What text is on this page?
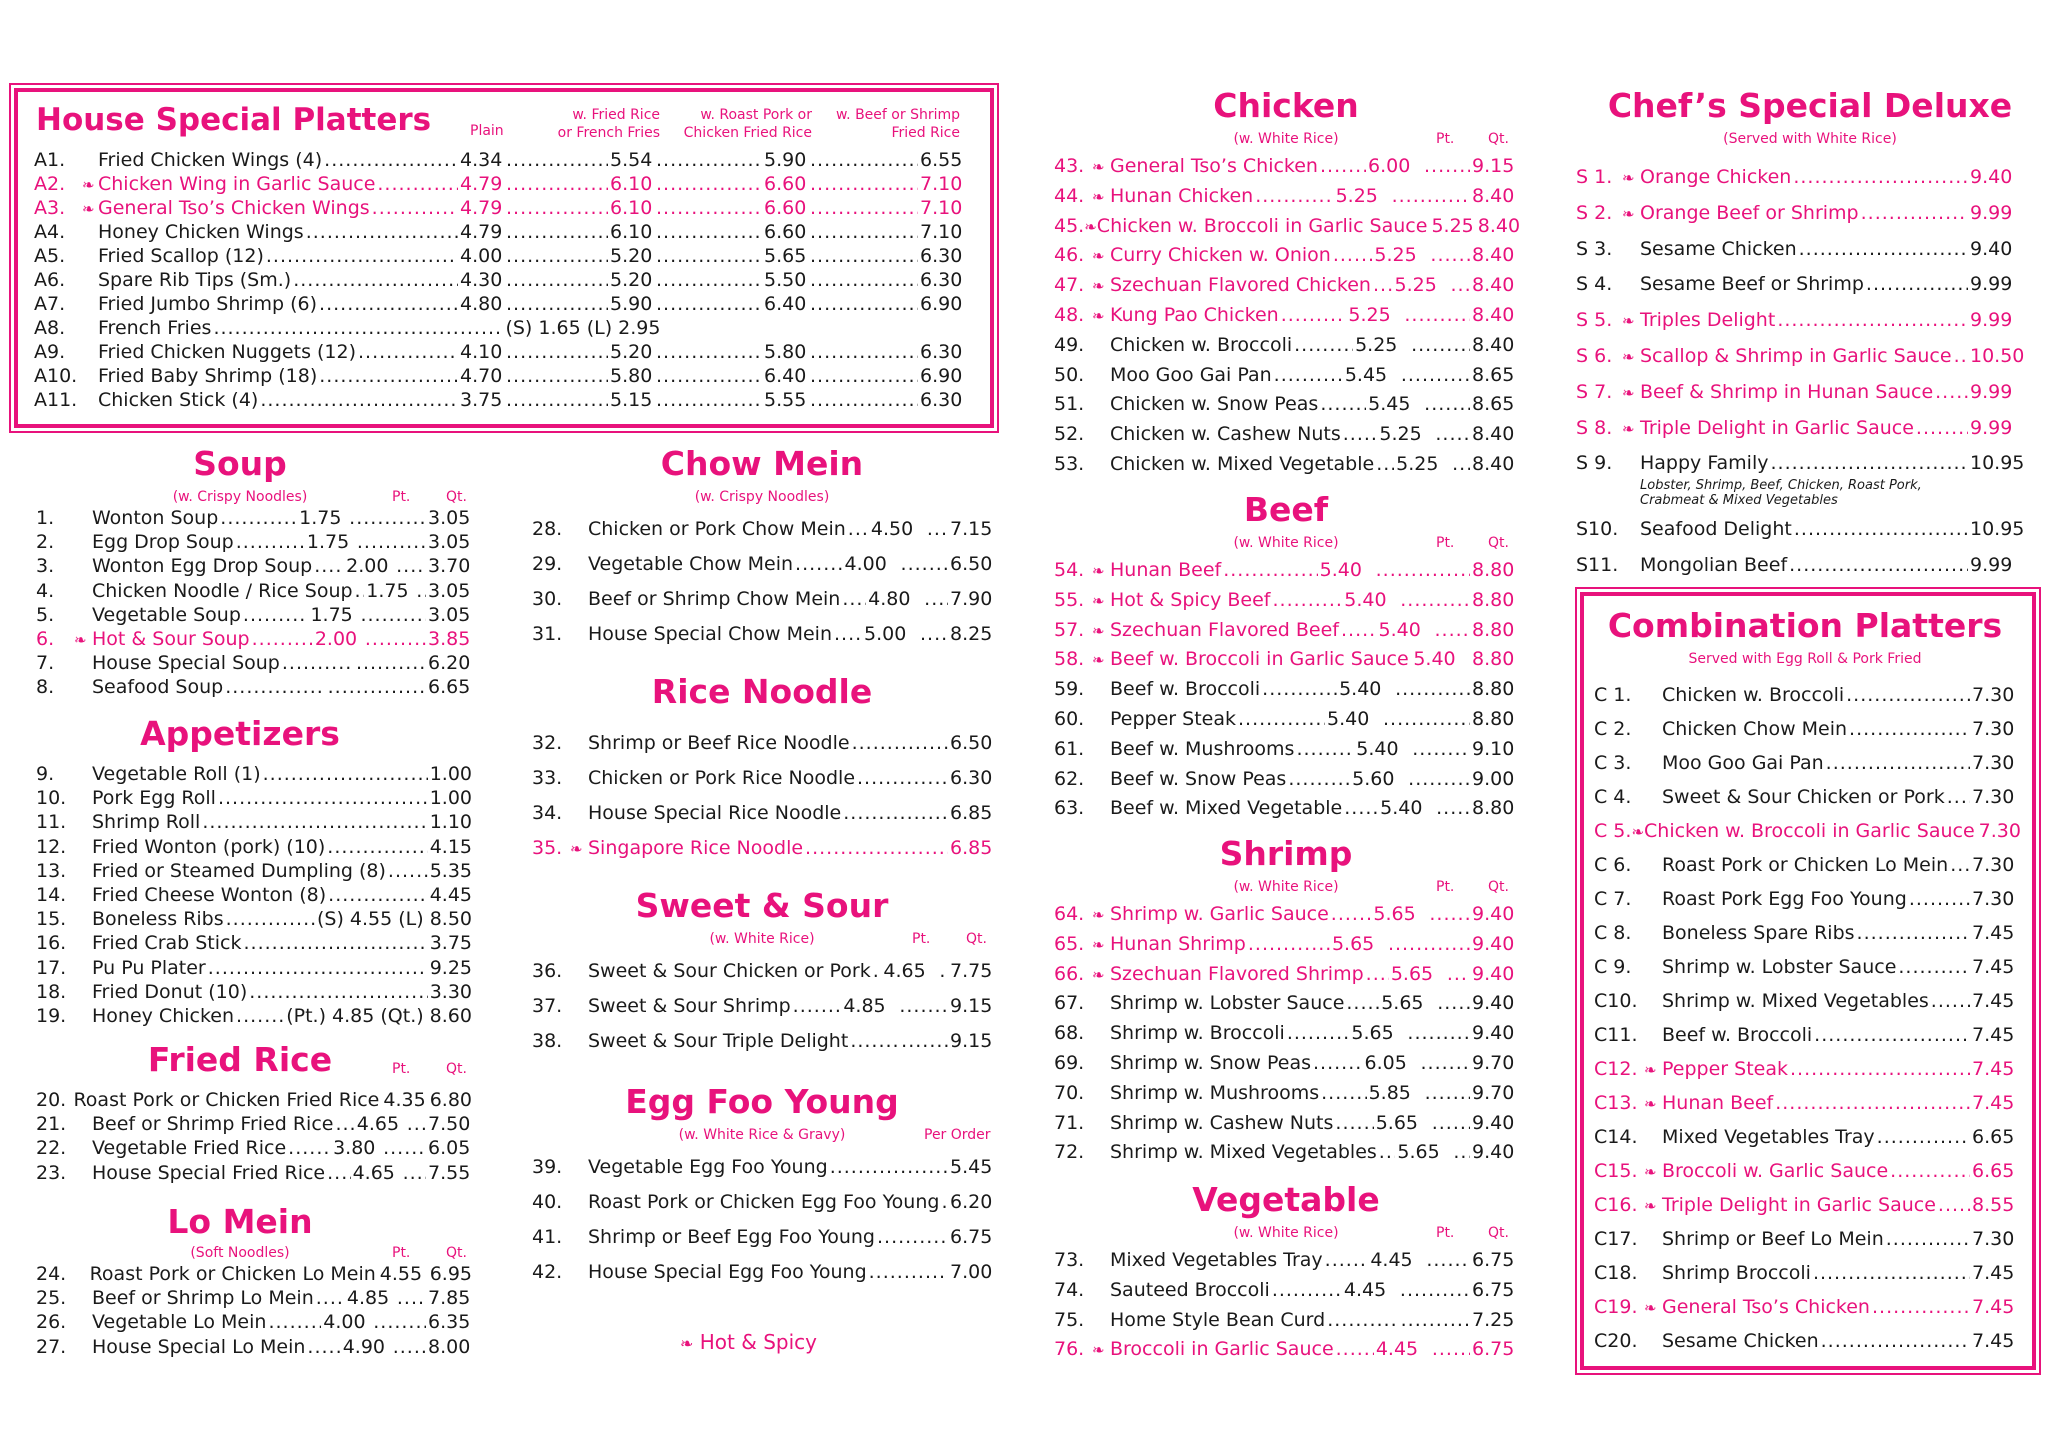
House Special Platters	Plain
w. Fried Rice
or French Fries
w. Roast Pork or
Chicken Fried Rice
w. Beef or Shrimp
Fried Rice
A1.	Fried Chicken Wings (4) .....	4.34 .....	5.54 .....	5.90 .....	6.55
A2.	❧ Chicken Wing in Garlic Sauce .....	4.79 .....	6.10 .....	6.60 .....	7.10
A3.	❧ General Tso’s Chicken Wings .....	4.79 .....	6.10 .....	6.60 .....	7.10
A4.	Honey Chicken Wings .....	4.79 .....	6.10 .....	6.60 .....	7.10
A5.	Fried Scallop (12) .....	4.00 .....	5.20 .....	5.65 .....	6.30
A6.	Spare Rib Tips (Sm.) .....	4.30 .....	5.20 .....	5.50 .....	6.30
A7.	Fried Jumbo Shrimp (6) .....	4.80 .....	5.90 .....	6.40 .....	6.90
A8.	French Fries .....	(S) 1.65 (L) 2.95
A9.	Fried Chicken Nuggets (12) .....	4.10 .....	5.20 .....	5.80 .....	6.30
A10. Fried Baby Shrimp (18) .....	4.70 .....	5.80 .....	6.40 .....	6.90
A11. Chicken Stick (4) .....	3.75 .....	5.15 .....	5.55 .....	6.30
Soup
(w. Crispy Noodles)	Pt.	Qt.
1.	Wonton Soup .....	1.75 .....	3.05
2.	Egg Drop Soup .....	1.75 .....	3.05
3.	Wonton Egg Drop Soup ..... 2.00 ..... 3.70
4.	Chicken Noodle / Rice Soup ..... 1.75 ..... 3.05
5.	Vegetable Soup .....	1.75 .....	3.05
6.	❧ Hot & Sour Soup .....	2.00 .....	3.85
7.	House Special Soup ..... .....	6.20
8.	Seafood Soup ..... .....	6.65
Appetizers
9.	Vegetable Roll (1) .....	1.00
10.	Pork Egg Roll .....	1.00
11.	Shrimp Roll .....	1.10
12.	Fried Wonton (pork) (10) .....	4.15
13.	Fried or Steamed Dumpling (8) ..... 5.35
14.	Fried Cheese Wonton (8) .....	4.45
15.	Boneless Ribs .....	(S) 4.55 (L) 8.50
16.	Fried Crab Stick .....	3.75
17.	Pu Pu Plater .....	9.25
18.	Fried Donut (10) .....	3.30
19.	Honey Chicken .....	(Pt.) 4.85 (Qt.) 8.60
Fried Rice	Pt.	Qt.
20. Roast Pork or Chicken Fried Rice 4.35 6.80
21.	Beef or Shrimp Fried Rice ..... 4.65 ..... 7.50
22.	Vegetable Fried Rice ..... 3.80 .....	6.05
23.	House Special Fried Rice ..... 4.65 ..... 7.55
Lo Mein
(Soft Noodles)	Pt.	Qt.
24.	Roast Pork or Chicken Lo Mein 4.55 6.95
25.	Beef or Shrimp Lo Mein ..... 4.85 ..... 7.85
26.	Vegetable Lo Mein .....	4.00 .....	6.35
27.	House Special Lo Mein ..... 4.90 ..... 8.00
Chow Mein
(w. Crispy Noodles)
28.	Chicken or Pork Chow Mein ..... 4.50 .....	7.15
29.	Vegetable Chow Mein .....	4.00 .....	6.50
30.	Beef or Shrimp Chow Mein ..... 4.80 .....	7.90
31.	House Special Chow Mein ..... 5.00 .....	8.25
Rice Noodle
32.	Shrimp or Beef Rice Noodle .....	6.50
33.	Chicken or Pork Rice Noodle .....	6.30
34.	House Special Rice Noodle .....	6.85
35. ❧ Singapore Rice Noodle .....	6.85
Sweet & Sour
(w. White Rice)	Pt.	Qt.
36.	Sweet & Sour Chicken or Pork ..... 4.65 .....	7.75
37.	Sweet & Sour Shrimp .....	4.85 .....	9.15
38.	Sweet & Sour Triple Delight ..... .....	9.15
Egg Foo Young
(w. White Rice & Gravy)	Per Order
39.	Vegetable Egg Foo Young .....	5.45
40.	Roast Pork or Chicken Egg Foo Young ..... 6.20
41.	Shrimp or Beef Egg Foo Young .....	6.75
42.	House Special Egg Foo Young .....	7.00
❧ Hot & Spicy
Chicken
(w. White Rice)	Pt. Qt.
43. ❧ General Tso’s Chicken .....	6.00 .....	9.15
44. ❧ Hunan Chicken .....	5.25 .....	8.40
45. ❧ Chicken w. Broccoli in Garlic Sauce 5.25 8.40
46. ❧ Curry Chicken w. Onion ..... 5.25 .....	8.40
47. ❧ Szechuan Flavored Chicken ..... 5.25 .....	8.40
48. ❧ Kung Pao Chicken .....	5.25 .....	8.40
49.	Chicken w. Broccoli .....	5.25 .....	8.40
50.	Moo Goo Gai Pan .....	5.45 .....	8.65
51.	Chicken w. Snow Peas .....	5.45 .....	8.65
52.	Chicken w. Cashew Nuts ..... 5.25 .....	8.40
53.	Chicken w. Mixed Vegetable ..... 5.25 .....	8.40
Beef
(w. White Rice)	Pt. Qt.
54. ❧ Hunan Beef .....	5.40 .....	8.80
55. ❧ Hot & Spicy Beef .....	5.40 .....	8.80
57. ❧ Szechuan Flavored Beef ..... 5.40 .....	8.80
58. ❧ Beef w. Broccoli in Garlic Sauce ..... 5.40 ..... 8.80
59.	Beef w. Broccoli .....	5.40 .....	8.80
60.	Pepper Steak .....	5.40 .....	8.80
61.	Beef w. Mushrooms .....	5.40 .....	9.10
62.	Beef w. Snow Peas .....	5.60 .....	9.00
63.	Beef w. Mixed Vegetable ..... 5.40 .....	8.80
Shrimp
(w. White Rice)	Pt. Qt.
64. ❧ Shrimp w. Garlic Sauce ..... 5.65 .....	9.40
65. ❧ Hunan Shrimp .....	5.65 .....	9.40
66. ❧ Szechuan Flavored Shrimp ..... 5.65 .....	9.40
67.	Shrimp w. Lobster Sauce ..... 5.65 .....	9.40
68.	Shrimp w. Broccoli .....	5.65 .....	9.40
69.	Shrimp w. Snow Peas .....	6.05 .....	9.70
70.	Shrimp w. Mushrooms .....	5.85 .....	9.70
71.	Shrimp w. Cashew Nuts ..... 5.65 .....	9.40
72.	Shrimp w. Mixed Vegetables ..... 5.65 .....	9.40
Vegetable
(w. White Rice)	Pt. Qt.
73.	Mixed Vegetables Tray .....	4.45 .....	6.75
74.	Sauteed Broccoli .....	4.45 .....	6.75
75.	Home Style Bean Curd ..... .....	7.25
76. ❧ Broccoli in Garlic Sauce ..... 4.45 .....	6.75
Chef’s Special Deluxe
(Served with White Rice)
S 1. ❧ Orange Chicken .....	9.40
S 2. ❧ Orange Beef or Shrimp .....	9.99
S 3.	Sesame Chicken .....	9.40
S 4.	Sesame Beef or Shrimp .....	9.99
S 5. ❧ Triples Delight .....	9.99
S 6. ❧ Scallop & Shrimp in Garlic Sauce ..... 10.50
S 7. ❧ Beef & Shrimp in Hunan Sauce ..... 9.99
S 8. ❧ Triple Delight in Garlic Sauce .....	9.99
S 9.	Happy Family .....	10.95
Lobster, Shrimp, Beef, Chicken, Roast Pork, Crabmeat & Mixed Vegetables
S10. Seafood Delight .....	10.95
S11. Mongolian Beef .....	9.99
Combination Platters
Served with Egg Roll & Pork Fried
C 1.	Chicken w. Broccoli .....	7.30
C 2.	Chicken Chow Mein .....	7.30
C 3.	Moo Goo Gai Pan .....	7.30
C 4.	Sweet & Sour Chicken or Pork ..... 7.30
C 5. ❧ Chicken w. Broccoli in Garlic Sauce 7.30
C 6.	Roast Pork or Chicken Lo Mein ..... 7.30
C 7.	Roast Pork Egg Foo Young .....	7.30
C 8.	Boneless Spare Ribs .....	7.45
C 9.	Shrimp w. Lobster Sauce .....	7.45
C10.	Shrimp w. Mixed Vegetables ..... 7.45
C11.	Beef w. Broccoli .....	7.45
C12. ❧ Pepper Steak .....	7.45
C13. ❧ Hunan Beef .....	7.45
C14.	Mixed Vegetables Tray .....	6.65
C15. ❧ Broccoli w. Garlic Sauce .....	6.65
C16. ❧ Triple Delight in Garlic Sauce ..... 8.55
C17.	Shrimp or Beef Lo Mein .....	7.30
C18.	Shrimp Broccoli .....	7.45
C19. ❧ General Tso’s Chicken .....	7.45
C20.	Sesame Chicken .....	7.45
